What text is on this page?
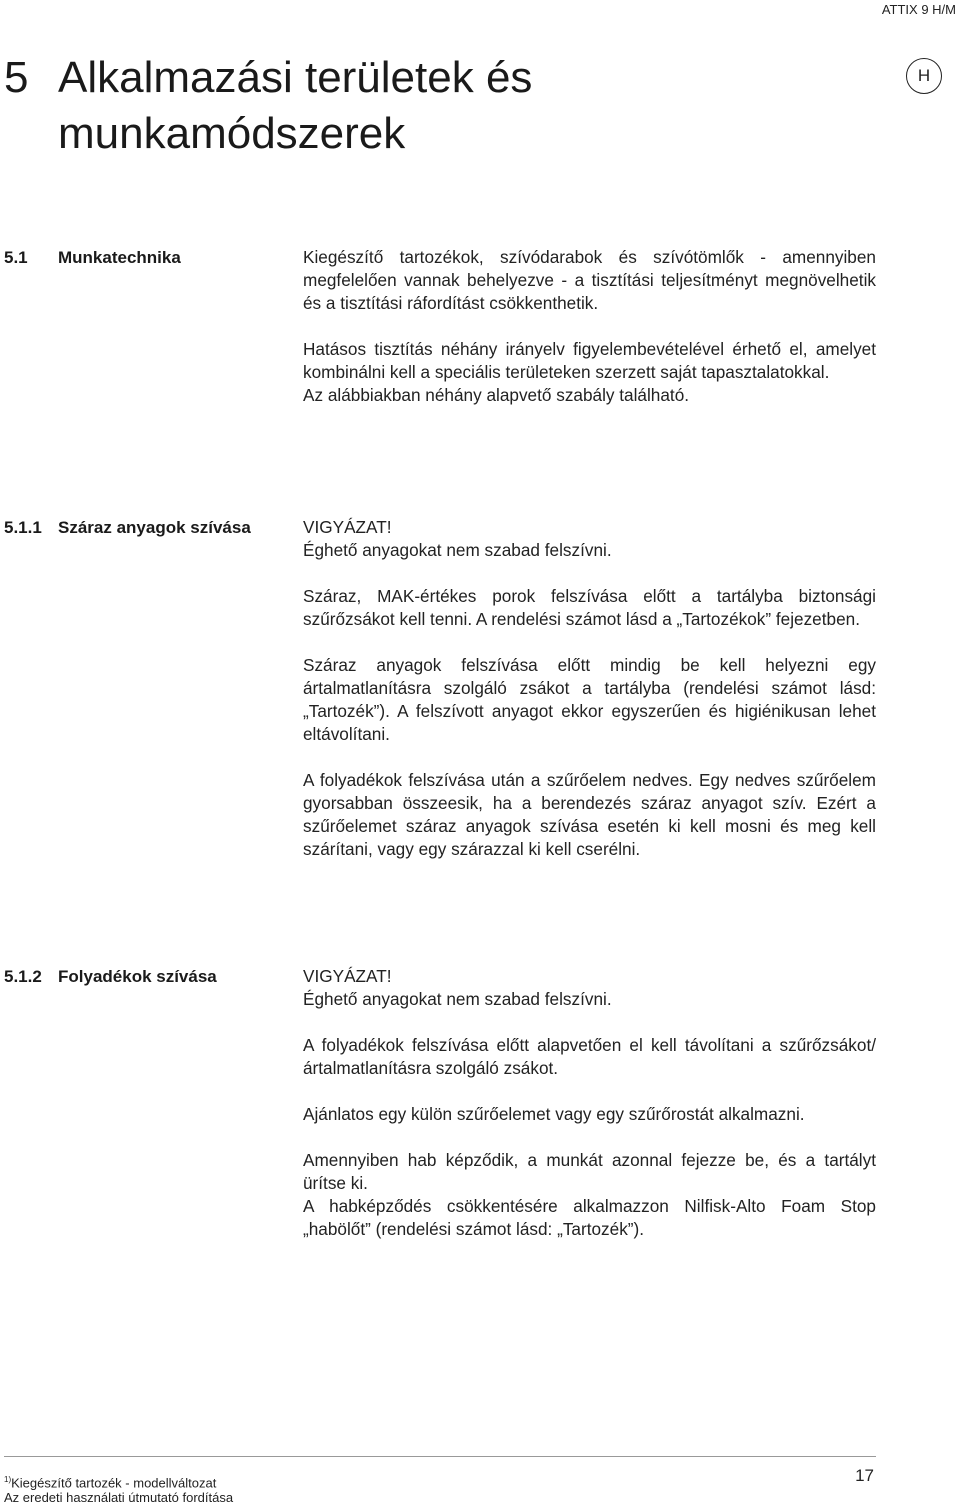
ATTIX 9 H/M
H
5 Alkalmazási területek és munkamódszerek
5.1 Munkatechnika	Kiegészítő tartozékok, szívódarabok és szívótömlők - amennyiben megfelelően vannak behelyezve - a tisztítási teljesítményt megnövelhetik és a tisztítási ráfordítást csökkenthetik.

Hatásos tisztítás néhány irányelv figyelembevételével érhető el, amelyet kombinálni kell a speciális területeken szerzett saját tapasztalatokkal.

Az alábbiakban néhány alapvető szabály található.

5.1.1 Száraz anyagok szívása	VIGYÁZAT!

Éghető anyagokat nem szabad felszívni.

Száraz, MAK-értékes porok felszívása előtt a tartályba biztonsági szűrőzsákot kell tenni. A rendelési számot lásd a „Tartozékok” fejezetben.

Száraz anyagok felszívása előtt mindig be kell helyezni egy ártalmatlanításra szolgáló zsákot a tartályba (rendelési számot lásd: „Tartozék”). A felszívott anyagot ekkor egyszerűen és higiénikusan lehet eltávolítani.

A folyadékok felszívása után a szűrőelem nedves. Egy nedves szűrőelem gyorsabban összeesik, ha a berendezés száraz anyagot szív. Ezért a szűrőelemet száraz anyagok szívása esetén ki kell mosni és meg kell szárítani, vagy egy szárazzal ki kell cserélni.

5.1.2 Folyadékok szívása	VIGYÁZAT!

Éghető anyagokat nem szabad felszívni.

A folyadékok felszívása előtt alapvetően el kell távolítani a szűrőzsákot/ártalmatlanításra szolgáló zsákot.

Ajánlatos egy külön szűrőelemet vagy egy szűrőrostát alkalmazni.

Amennyiben hab képződik, a munkát azonnal fejezze be, és a tartályt ürítse ki.

A habképződés csökkentésére alkalmazzon Nilfisk-Alto Foam Stop „habölőt” (rendelési számot lásd: „Tartozék”).

$^{1)}$Kiegészítő tartozék - modellváltozat
Az eredeti használati útmutató fordítása
17
